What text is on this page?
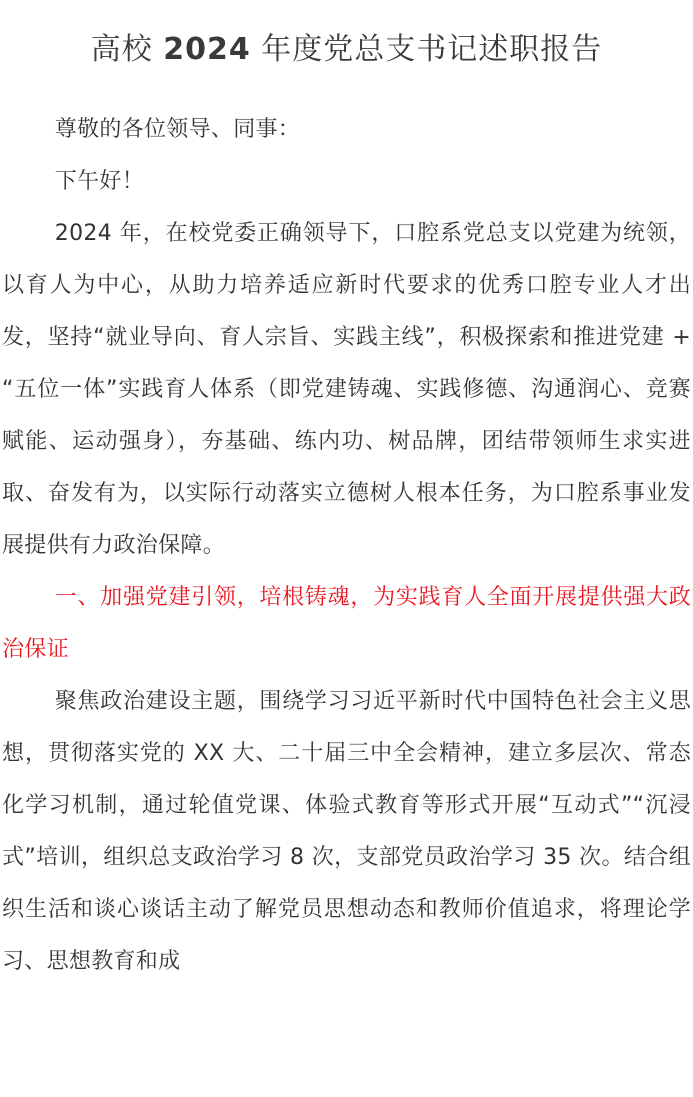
高校 2024 年度党总支书记述职报告

尊敬的各位领导、同事：

下午好！

2024 年，在校党委正确领导下，口腔系党总支以党建为统领，以育人为中心，从助力培养适应新时代要求的优秀口腔专业人才出发，坚持“就业导向、育人宗旨、实践主线”，积极探索和推进党建 + “五位一体”实践育人体系（即党建铸魂、实践修德、沟通润心、竞赛赋能、运动强身），夯基础、练内功、树品牌，团结带领师生求实进取、奋发有为，以实际行动落实立德树人根本任务，为口腔系事业发展提供有力政治保障。

一、加强党建引领，培根铸魂，为实践育人全面开展提供强大政治保证

聚焦政治建设主题，围绕学习习近平新时代中国特色社会主义思想，贯彻落实党的 XX 大、二十届三中全会精神，建立多层次、常态化学习机制，通过轮值党课、体验式教育等形式开展“互动式”“沉浸式”培训，组织总支政治学习 8 次，支部党员政治学习 35 次。结合组织生活和谈心谈话主动了解党员思想动态和教师价值追求，将理论学习、思想教育和成
